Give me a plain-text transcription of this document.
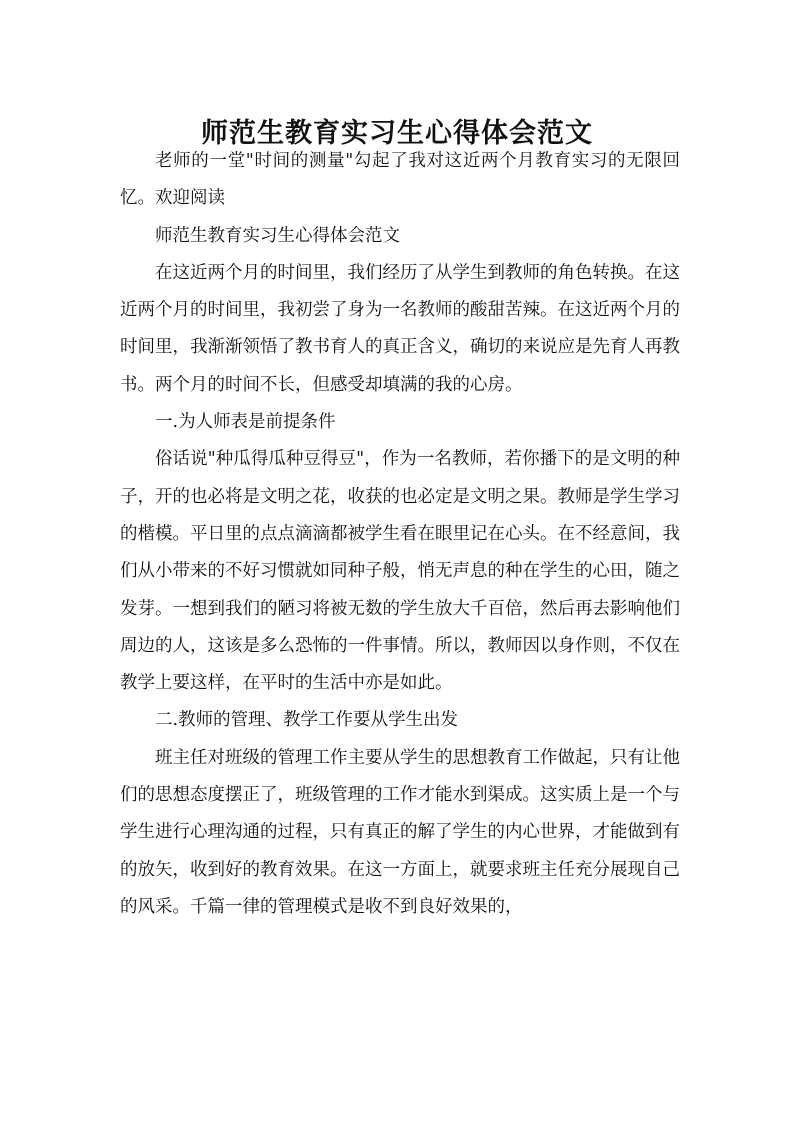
师范生教育实习生心得体会范文

老师的一堂"时间的测量"勾起了我对这近两个月教育实习的无限回忆。欢迎阅读

师范生教育实习生心得体会范文

在这近两个月的时间里，我们经历了从学生到教师的角色转换。在这近两个月的时间里，我初尝了身为一名教师的酸甜苦辣。在这近两个月的时间里，我渐渐领悟了教书育人的真正含义，确切的来说应是先育人再教书。两个月的时间不长，但感受却填满的我的心房。

一.为人师表是前提条件

俗话说"种瓜得瓜种豆得豆"，作为一名教师，若你播下的是文明的种子，开的也必将是文明之花，收获的也必定是文明之果。教师是学生学习的楷模。平日里的点点滴滴都被学生看在眼里记在心头。在不经意间，我们从小带来的不好习惯就如同种子般，悄无声息的种在学生的心田，随之发芽。一想到我们的陋习将被无数的学生放大千百倍，然后再去影响他们周边的人，这该是多么恐怖的一件事情。所以，教师因以身作则，不仅在教学上要这样，在平时的生活中亦是如此。

二.教师的管理、教学工作要从学生出发

班主任对班级的管理工作主要从学生的思想教育工作做起，只有让他们的思想态度摆正了，班级管理的工作才能水到渠成。这实质上是一个与学生进行心理沟通的过程，只有真正的解了学生的内心世界，才能做到有的放矢，收到好的教育效果。在这一方面上，就要求班主任充分展现自己的风采。千篇一律的管理模式是收不到良好效果的，
